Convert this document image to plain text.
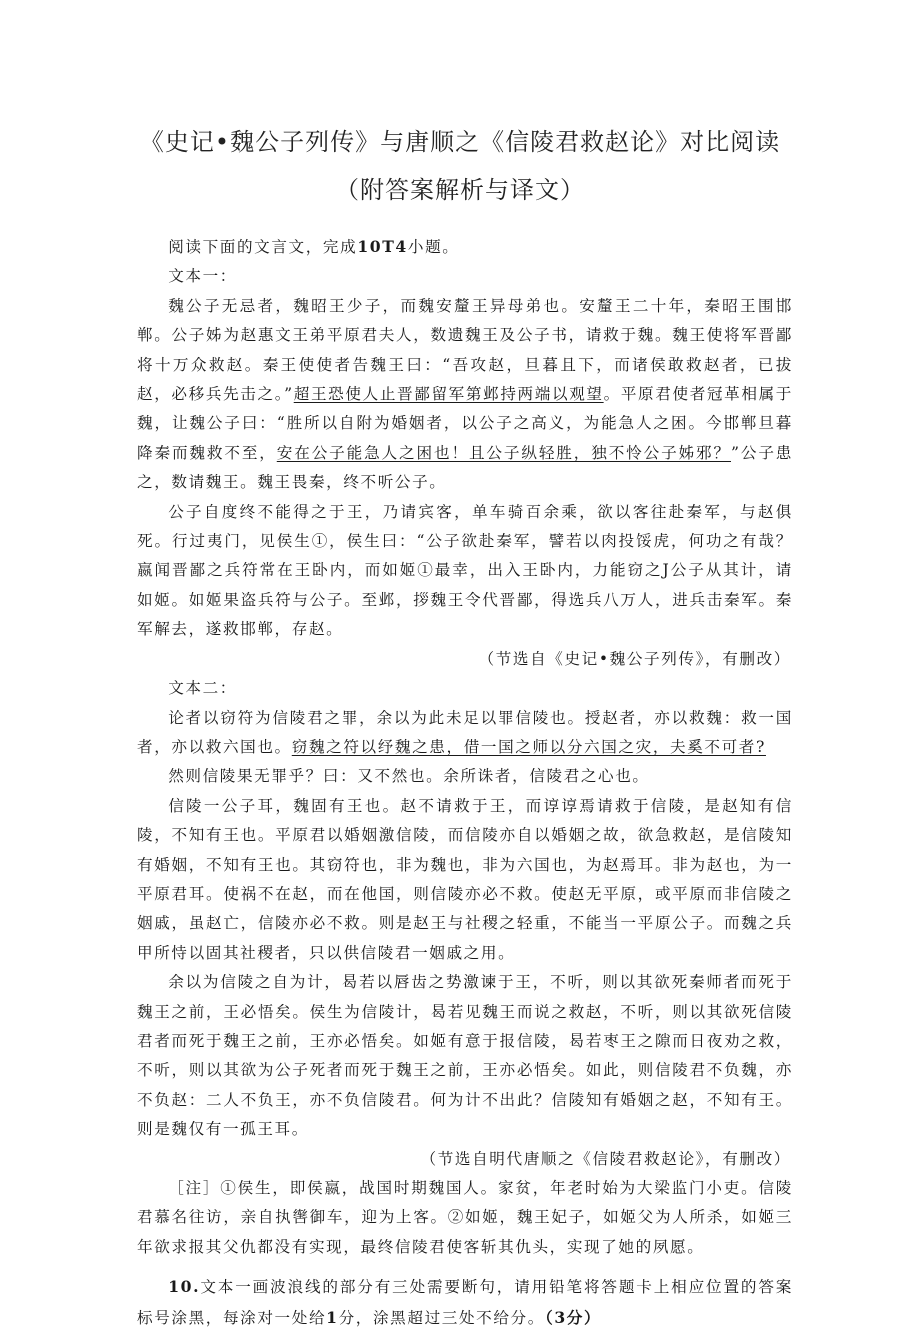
《史记•魏公子列传》与唐顺之《信陵君救赵论》对比阅读
（附答案解析与译文）

阅读下面的文言文，完成10T4小题。

文本一：

魏公子无忌者，魏昭王少子，而魏安釐王异母弟也。安釐王二十年，秦昭王围邯郸。公子姊为赵惠文王弟平原君夫人，数遗魏王及公子书，请救于魏。魏王使将军晋鄙将十万众救赵。秦王使使者告魏王曰：“吾攻赵，旦暮且下，而诸侯敢救赵者，已拔赵，必移兵先击之。”超王恐使人止晋鄙留军第邺持两端以观望。平原君使者冠革相属于魏，让魏公子曰：“胜所以自附为婚姻者，以公子之高义，为能急人之困。今邯郸旦暮降秦而魏救不至，安在公子能急人之困也！且公子纵轻胜，独不怜公子姊邪？”公子患之，数请魏王。魏王畏秦，终不听公子。

公子自度终不能得之于王，乃请宾客，单车骑百余乘，欲以客往赴秦军，与赵俱死。行过夷门，见侯生①，侯生曰：“公子欲赴秦军，譬若以肉投馁虎，何功之有哉？嬴闻晋鄙之兵符常在王卧内，而如姬①最幸，出入王卧内，力能窃之J公子从其计，请如姬。如姬果盗兵符与公子。至邺，拶魏王令代晋鄙，得选兵八万人，进兵击秦军。秦军解去，遂救邯郸，存赵。

（节选自《史记•魏公子列传》，有删改）

文本二：

论者以窃符为信陵君之罪，余以为此未足以罪信陵也。授赵者，亦以救魏：救一国者，亦以救六国也。窃魏之符以纾魏之患，借一国之师以分六国之灾，夫奚不可者?

然则信陵果无罪乎？曰：又不然也。余所诛者，信陵君之心也。

信陵一公子耳，魏固有王也。赵不请救于王，而谆谆焉请救于信陵，是赵知有信陵，不知有王也。平原君以婚姻激信陵，而信陵亦自以婚姻之故，欲急救赵，是信陵知有婚姻，不知有王也。其窃符也，非为魏也，非为六国也，为赵焉耳。非为赵也，为一平原君耳。使祸不在赵，而在他国，则信陵亦必不救。使赵无平原，或平原而非信陵之姻戚，虽赵亡，信陵亦必不救。则是赵王与社稷之轻重，不能当一平原公子。而魏之兵甲所恃以固其社稷者，只以供信陵君一姻戚之用。

余以为信陵之自为计，曷若以唇齿之势激谏于王，不听，则以其欲死秦师者而死于魏王之前，王必悟矣。侯生为信陵计，曷若见魏王而说之救赵，不听，则以其欲死信陵君者而死于魏王之前，王亦必悟矣。如姬有意于报信陵，曷若枣王之隙而日夜劝之救，不听，则以其欲为公子死者而死于魏王之前，王亦必悟矣。如此，则信陵君不负魏，亦不负赵：二人不负王，亦不负信陵君。何为计不出此？信陵知有婚姻之赵，不知有王。则是魏仅有一孤王耳。

（节选自明代唐顺之《信陵君救赵论》，有删改）

［注］①侯生，即侯嬴，战国时期魏国人。家贫，年老时始为大梁监门小吏。信陵君慕名往访，亲自执辔御车，迎为上客。②如姬，魏王妃子，如姬父为人所杀，如姬三年欲求报其父仇都没有实现，最终信陵君使客斩其仇头，实现了她的夙愿。

10.文本一画波浪线的部分有三处需要断句，请用铅笔将答题卡上相应位置的答案标号涂黑，每涂对一处给1分，涂黑超过三处不给分。（3分）
